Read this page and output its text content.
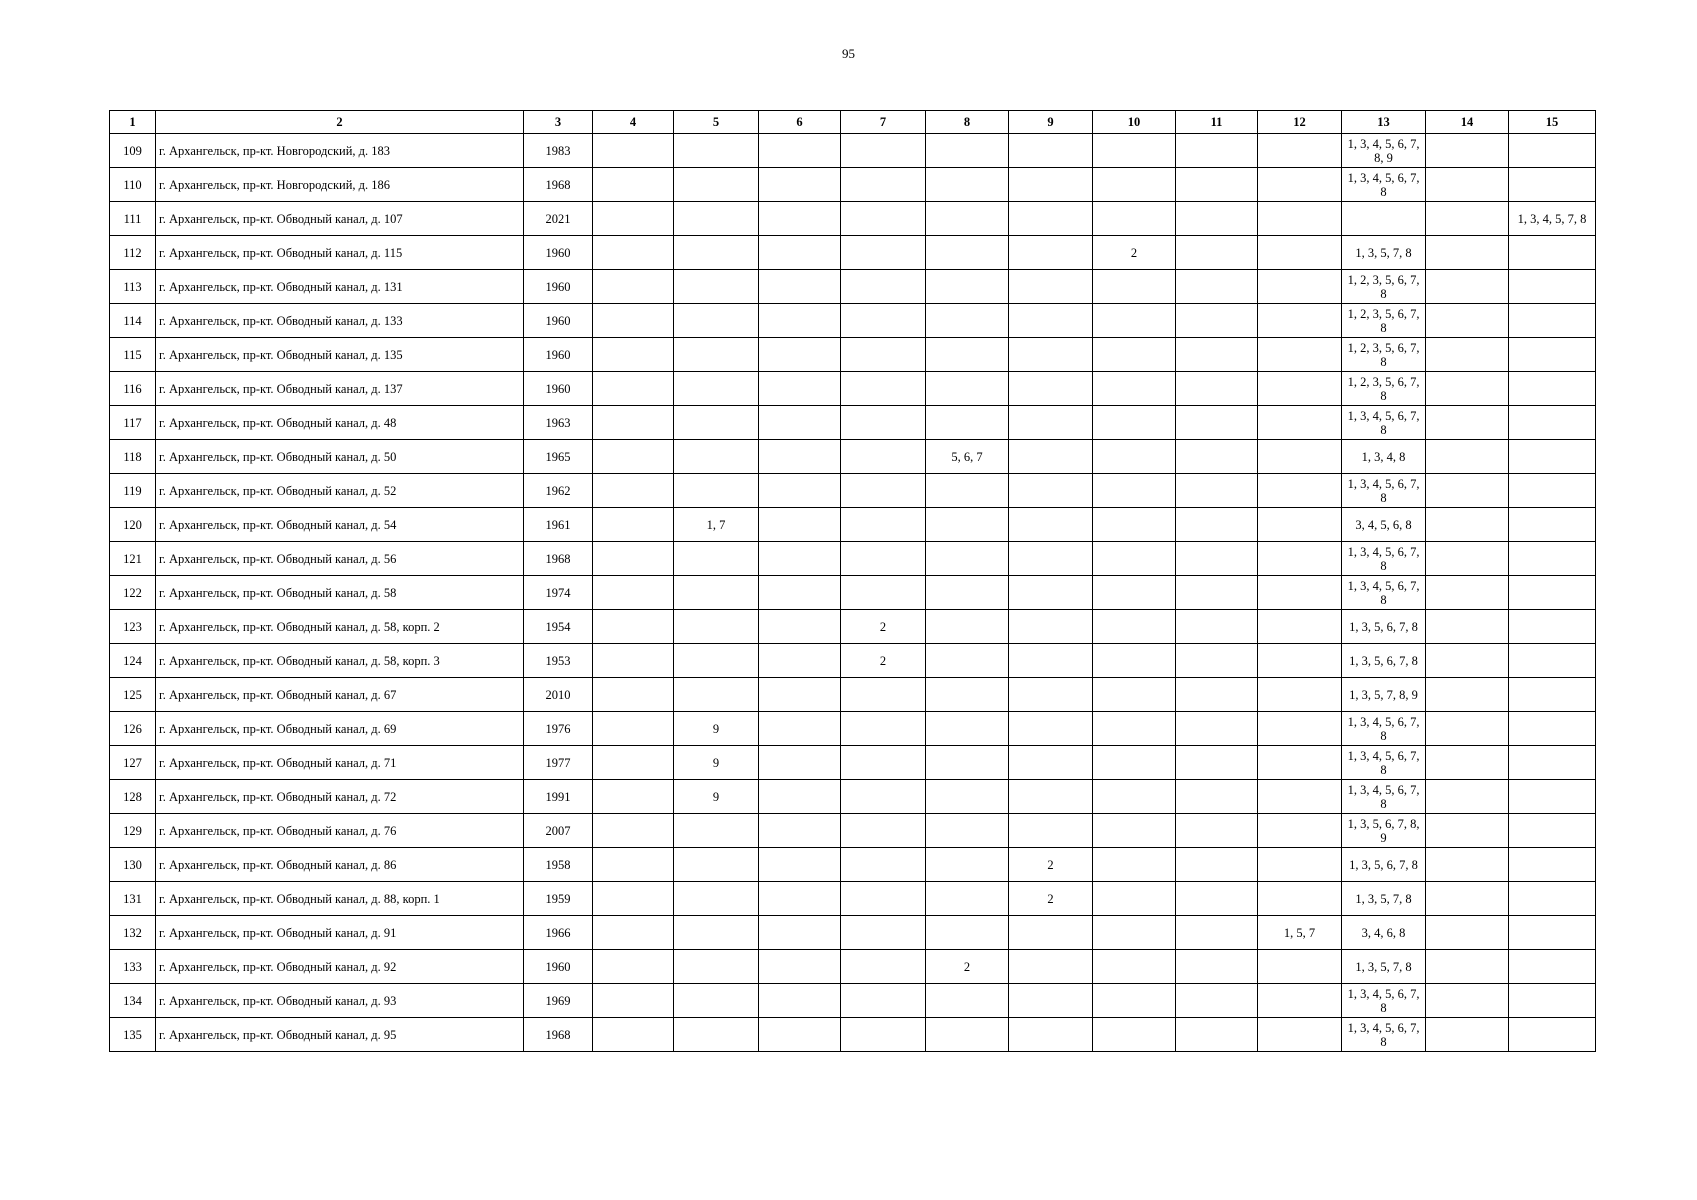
95
1	2	3	4	5	6	7	8	9	10	11	12	13	14	15
109	г. Архангельск, пр-кт. Новгородский, д. 183	1983										1, 3, 4, 5, 6, 7, 8, 9		
110	г. Архангельск, пр-кт. Новгородский, д. 186	1968										1, 3, 4, 5, 6, 7, 8		
111	г. Архангельск, пр-кт. Обводный канал, д. 107	2021												1, 3, 4, 5, 7, 8
112	г. Архангельск, пр-кт. Обводный канал, д. 115	1960							2			1, 3, 5, 7, 8		
113	г. Архангельск, пр-кт. Обводный канал, д. 131	1960										1, 2, 3, 5, 6, 7, 8		
114	г. Архангельск, пр-кт. Обводный канал, д. 133	1960										1, 2, 3, 5, 6, 7, 8		
115	г. Архангельск, пр-кт. Обводный канал, д. 135	1960										1, 2, 3, 5, 6, 7, 8		
116	г. Архангельск, пр-кт. Обводный канал, д. 137	1960										1, 2, 3, 5, 6, 7, 8		
117	г. Архангельск, пр-кт. Обводный канал, д. 48	1963										1, 3, 4, 5, 6, 7, 8		
118	г. Архангельск, пр-кт. Обводный канал, д. 50	1965					5, 6, 7					1, 3, 4, 8		
119	г. Архангельск, пр-кт. Обводный канал, д. 52	1962										1, 3, 4, 5, 6, 7, 8		
120	г. Архангельск, пр-кт. Обводный канал, д. 54	1961		1, 7								3, 4, 5, 6, 8		
121	г. Архангельск, пр-кт. Обводный канал, д. 56	1968										1, 3, 4, 5, 6, 7, 8		
122	г. Архангельск, пр-кт. Обводный канал, д. 58	1974										1, 3, 4, 5, 6, 7, 8		
123	г. Архангельск, пр-кт. Обводный канал, д. 58, корп. 2	1954				2						1, 3, 5, 6, 7, 8		
124	г. Архангельск, пр-кт. Обводный канал, д. 58, корп. 3	1953				2						1, 3, 5, 6, 7, 8		
125	г. Архангельск, пр-кт. Обводный канал, д. 67	2010										1, 3, 5, 7, 8, 9		
126	г. Архангельск, пр-кт. Обводный канал, д. 69	1976		9								1, 3, 4, 5, 6, 7, 8		
127	г. Архангельск, пр-кт. Обводный канал, д. 71	1977		9								1, 3, 4, 5, 6, 7, 8		
128	г. Архангельск, пр-кт. Обводный канал, д. 72	1991		9								1, 3, 4, 5, 6, 7, 8		
129	г. Архангельск, пр-кт. Обводный канал, д. 76	2007										1, 3, 5, 6, 7, 8, 9		
130	г. Архангельск, пр-кт. Обводный канал, д. 86	1958						2				1, 3, 5, 6, 7, 8		
131	г. Архангельск, пр-кт. Обводный канал, д. 88, корп. 1	1959						2				1, 3, 5, 7, 8		
132	г. Архангельск, пр-кт. Обводный канал, д. 91	1966									1, 5, 7	3, 4, 6, 8		
133	г. Архангельск, пр-кт. Обводный канал, д. 92	1960					2					1, 3, 5, 7, 8		
134	г. Архангельск, пр-кт. Обводный канал, д. 93	1969										1, 3, 4, 5, 6, 7, 8		
135	г. Архангельск, пр-кт. Обводный канал, д. 95	1968										1, 3, 4, 5, 6, 7, 8		
